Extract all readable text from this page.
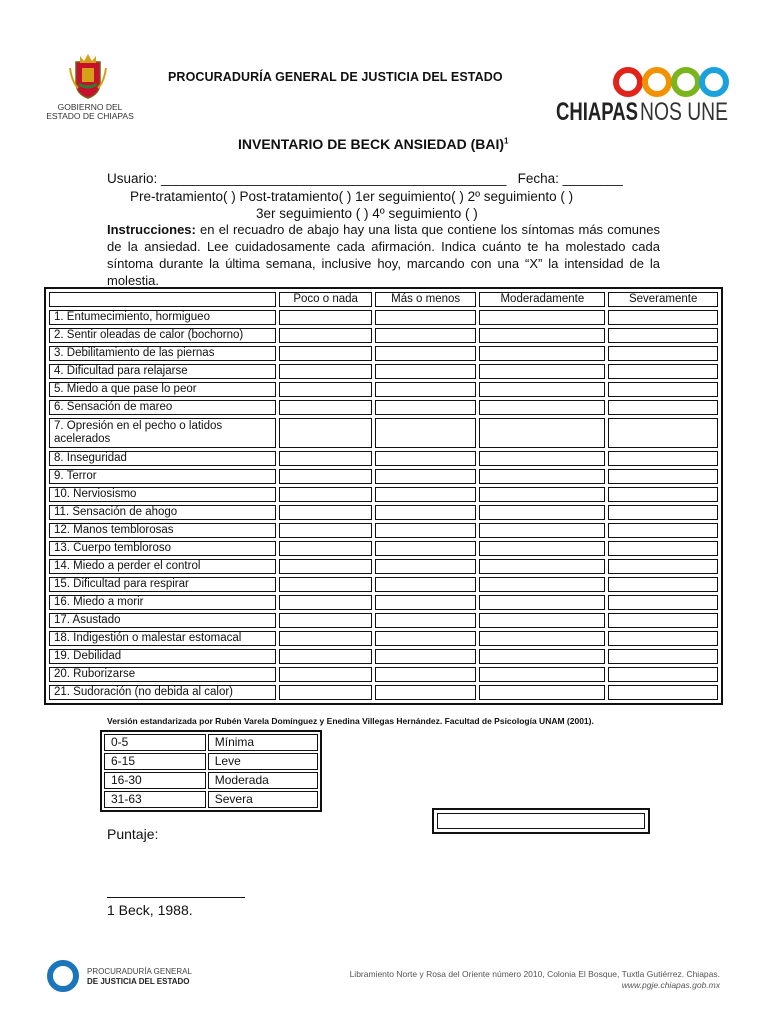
GOBIERNO DEL
ESTADO DE CHIAPAS
PROCURADURÍA GENERAL DE JUSTICIA DEL ESTADO
CHIAPAS NOS UNE
INVENTARIO DE BECK ANSIEDAD (BAI)$^1$
Usuario: ______________________________________________ Fecha: ________
Pre-tratamiento( ) Post-tratamiento( ) 1er seguimiento( ) 2º seguimiento ( )
3er seguimiento ( ) 4º seguimiento ( )
Instrucciones: en el recuadro de abajo hay una lista que contiene los síntomas más comunes de la ansiedad. Lee cuidadosamente cada afirmación. Indica cuánto te ha molestado cada síntoma durante la última semana, inclusive hoy, marcando con una “X” la intensidad de la molestia.
	Poco o nada	Más o menos	Moderadamente	Severamente
1. Entumecimiento, hormigueo				
2. Sentir oleadas de calor (bochorno)				
3. Debilitamiento de las piernas				
4. Dificultad para relajarse				
5. Miedo a que pase lo peor				
6. Sensación de mareo				
7. Opresión en el pecho o latidos acelerados				
8. Inseguridad				
9. Terror				
10. Nerviosismo				
11. Sensación de ahogo				
12. Manos temblorosas				
13. Cuerpo tembloroso				
14. Miedo a perder el control				
15. Dificultad para respirar				
16. Miedo a morir				
17. Asustado				
18. Indigestión o malestar estomacal				
19. Debilidad				
20. Ruborizarse				
21. Sudoración (no debida al calor)				
Versión estandarizada por Rubén Varela Domínguez y Enedina Villegas Hernández. Facultad de Psicología UNAM (2001).
0-5	Mínima
6-15	Leve
16-30	Moderada
31-63	Severa
Puntaje:
1 Beck, 1988.
PROCURADURÍA GENERAL
DE JUSTICIA DEL ESTADO
Libramiento Norte y Rosa del Oriente número 2010, Colonia El Bosque, Tuxtla Gutiérrez. Chiapas.
www.pgje.chiapas.gob.mx
